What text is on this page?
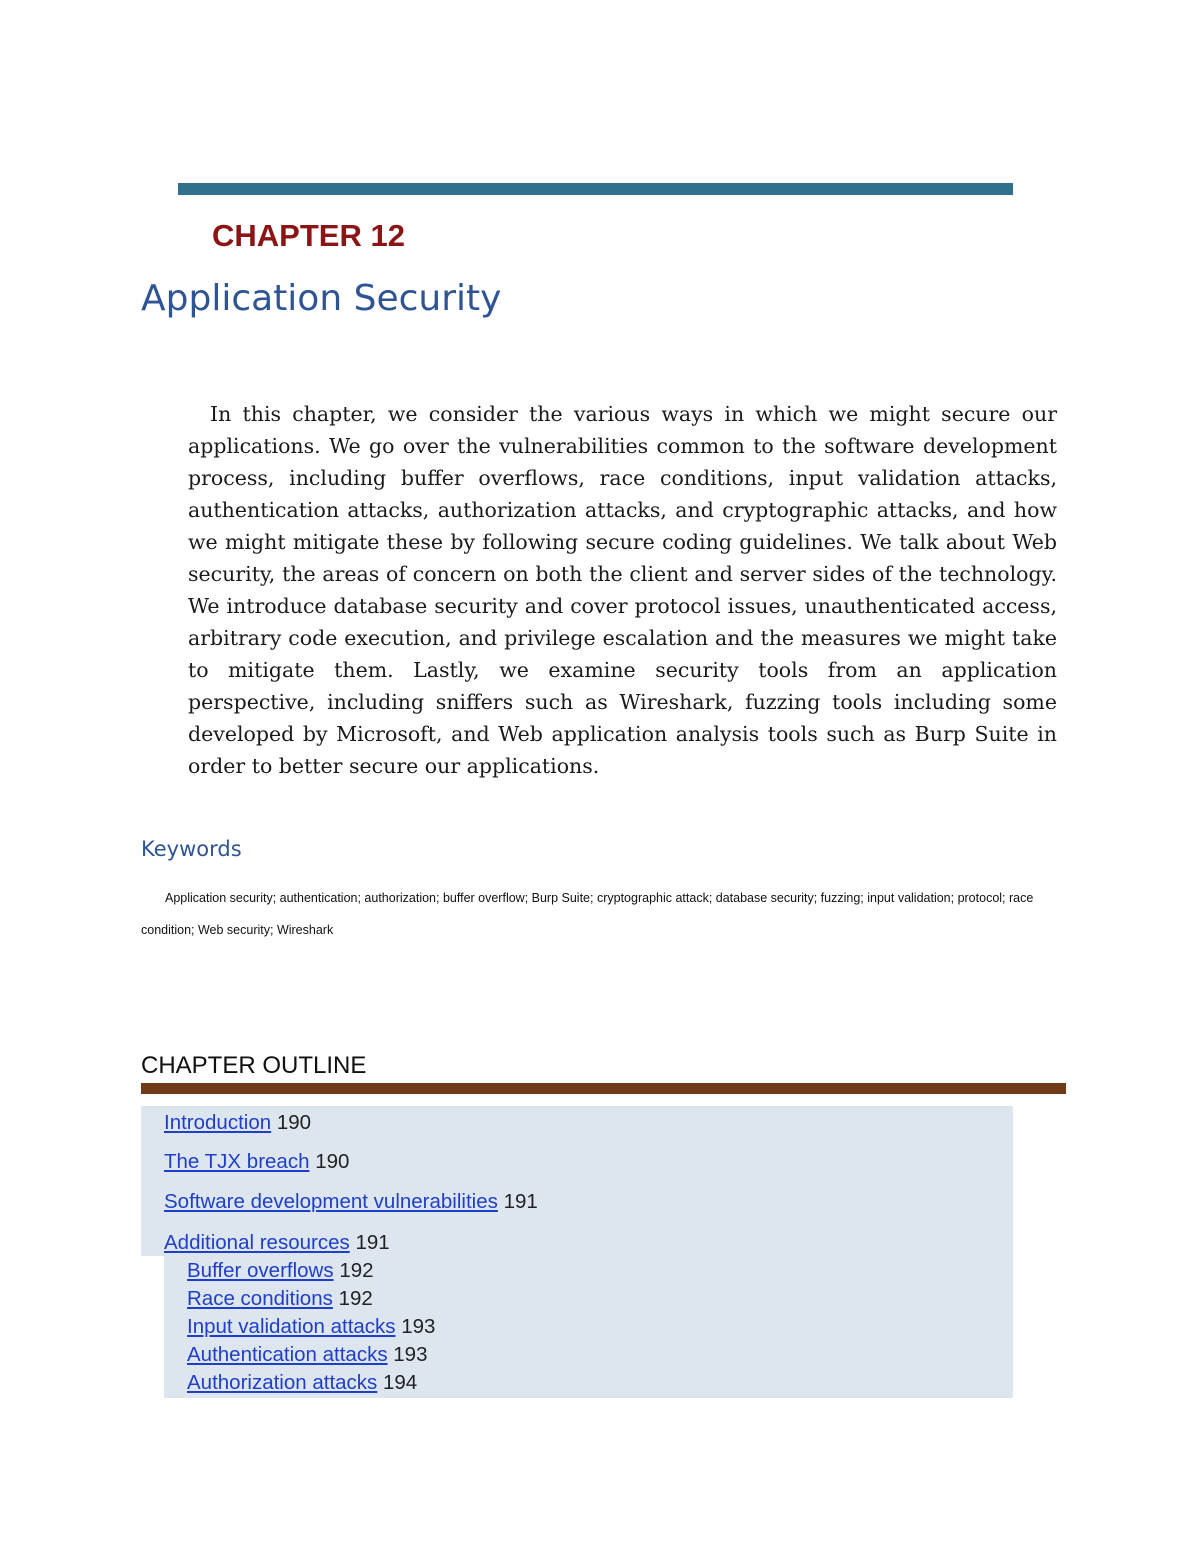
CHAPTER 12
Application Security

In this chapter, we consider the various ways in which we might secure our applications. We go over the vulnerabilities common to the software development process, including buffer overflows, race conditions, input validation attacks, authentication attacks, authorization attacks, and cryptographic attacks, and how we might mitigate these by following secure coding guidelines. We talk about Web security, the areas of concern on both the client and server sides of the technology. We introduce database security and cover protocol issues, unauthenticated access, arbitrary code execution, and privilege escalation and the measures we might take to mitigate them. Lastly, we examine security tools from an application perspective, including sniffers such as Wireshark, fuzzing tools including some developed by Microsoft, and Web application analysis tools such as Burp Suite in order to better secure our applications.

Keywords

Application security; authentication; authorization; buffer overflow; Burp Suite; cryptographic attack; database security; fuzzing; input validation; protocol; race condition; Web security; Wireshark

CHAPTER OUTLINE
Introduction 190
The TJX breach 190
Software development vulnerabilities 191
Additional resources 191
Buffer overflows 192
Race conditions 192
Input validation attacks 193
Authentication attacks 193
Authorization attacks 194
